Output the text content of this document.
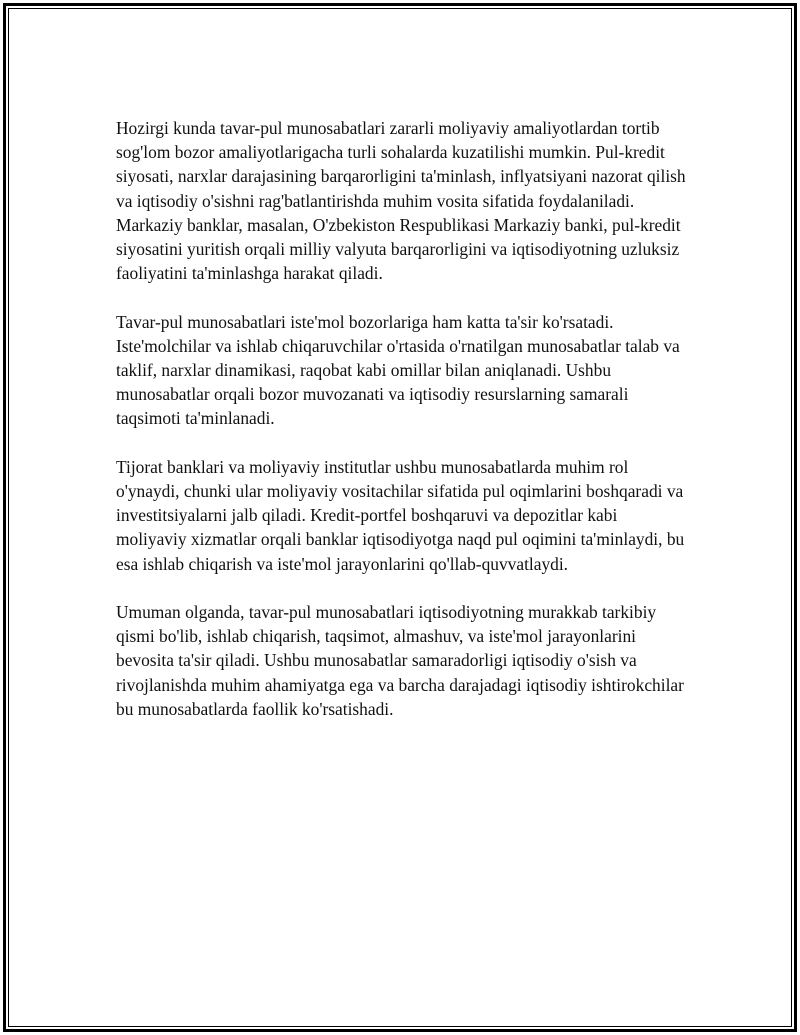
Hozirgi kunda tavar-pul munosabatlari zararli moliyaviy amaliyotlardan tortib sog'lom bozor amaliyotlarigacha turli sohalarda kuzatilishi mumkin. Pul-kredit siyosati, narxlar darajasining barqarorligini ta'minlash, inflyatsiyani nazorat qilish va iqtisodiy o'sishni rag'batlantirishda muhim vosita sifatida foydalaniladi. Markaziy banklar, masalan, O'zbekiston Respublikasi Markaziy banki, pul-kredit siyosatini yuritish orqali milliy valyuta barqarorligini va iqtisodiyotning uzluksiz faoliyatini ta'minlashga harakat qiladi.

Tavar-pul munosabatlari iste'mol bozorlariga ham katta ta'sir ko'rsatadi. Iste'molchilar va ishlab chiqaruvchilar o'rtasida o'rnatilgan munosabatlar talab va taklif, narxlar dinamikasi, raqobat kabi omillar bilan aniqlanadi. Ushbu munosabatlar orqali bozor muvozanati va iqtisodiy resurslarning samarali taqsimoti ta'minlanadi.

Tijorat banklari va moliyaviy institutlar ushbu munosabatlarda muhim rol o'ynaydi, chunki ular moliyaviy vositachilar sifatida pul oqimlarini boshqaradi va investitsiyalarni jalb qiladi. Kredit-portfel boshqaruvi va depozitlar kabi moliyaviy xizmatlar orqali banklar iqtisodiyotga naqd pul oqimini ta'minlaydi, bu esa ishlab chiqarish va iste'mol jarayonlarini qo'llab-quvvatlaydi.

Umuman olganda, tavar-pul munosabatlari iqtisodiyotning murakkab tarkibiy qismi bo'lib, ishlab chiqarish, taqsimot, almashuv, va iste'mol jarayonlarini bevosita ta'sir qiladi. Ushbu munosabatlar samaradorligi iqtisodiy o'sish va rivojlanishda muhim ahamiyatga ega va barcha darajadagi iqtisodiy ishtirokchilar bu munosabatlarda faollik ko'rsatishadi.
